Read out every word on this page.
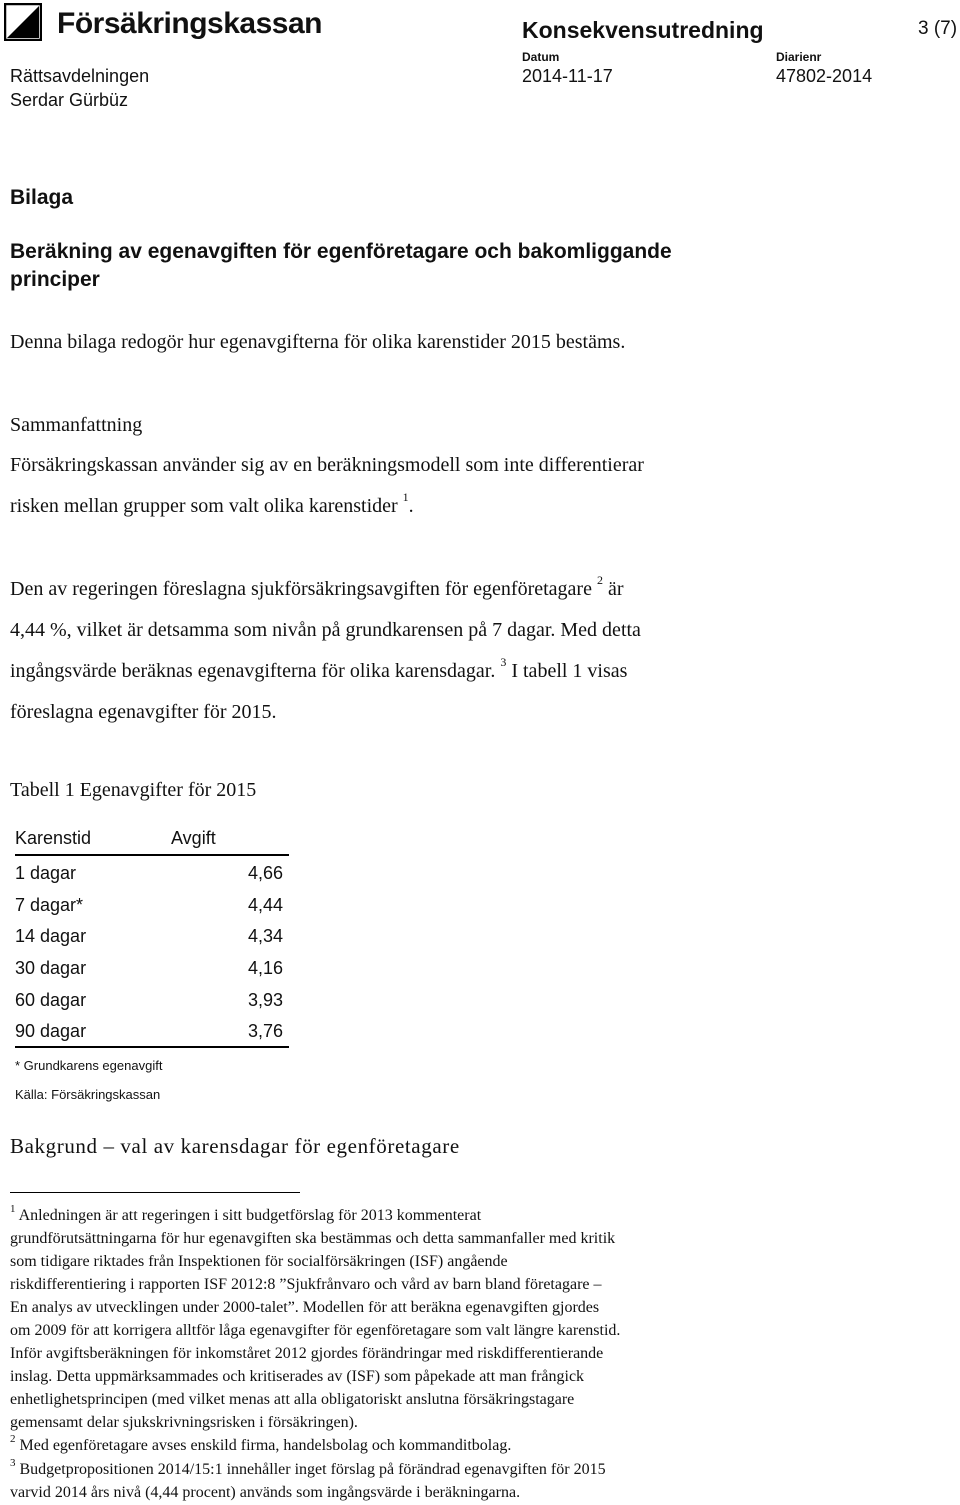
Försäkringskassan	Konsekvensutredning	3 (7)
Datum	Diarienr
Rättsavdelningen	2014-11-17	47802-2014
Serdar Gürbüz
Bilaga
Beräkning av egenavgiften för egenföretagare och bakomliggande
principer
Denna bilaga redogör hur egenavgifterna för olika karenstider 2015 bestäms.
Sammanfattning
Försäkringskassan använder sig av en beräkningsmodell som inte differentierar
risken mellan grupper som valt olika karenstider $^1$.
Den av regeringen föreslagna sjukförsäkringsavgiften för egenföretagare $^2$ är
4,44 %, vilket är detsamma som nivån på grundkarensen på 7 dagar. Med detta
ingångsvärde beräknas egenavgifterna för olika karensdagar. $^3$ I tabell 1 visas
föreslagna egenavgifter för 2015.
Tabell 1 Egenavgifter för 2015
Karenstid	Avgift
1 dagar	4,66
7 dagar*	4,44
14 dagar	4,34
30 dagar	4,16
60 dagar	3,93
90 dagar	3,76
* Grundkarens egenavgift
Källa: Försäkringskassan
Bakgrund – val av karensdagar för egenföretagare
$^1$ Anledningen är att regeringen i sitt budgetförslag för 2013 kommenterat
grundförutsättningarna för hur egenavgiften ska bestämmas och detta sammanfaller med kritik
som tidigare riktades från Inspektionen för socialförsäkringen (ISF) angående
riskdifferentiering i rapporten ISF 2012:8 ”Sjukfrånvaro och vård av barn bland företagare –
En analys av utvecklingen under 2000-talet”. Modellen för att beräkna egenavgiften gjordes
om 2009 för att korrigera alltför låga egenavgifter för egenföretagare som valt längre karenstid.
Inför avgiftsberäkningen för inkomståret 2012 gjordes förändringar med riskdifferentierande
inslag. Detta uppmärksammades och kritiserades av (ISF) som påpekade att man frångick
enhetlighetsprincipen (med vilket menas att alla obligatoriskt anslutna försäkringstagare
gemensamt delar sjukskrivningsrisken i försäkringen).
$^2$ Med egenföretagare avses enskild firma, handelsbolag och kommanditbolag.
$^3$ Budgetpropositionen 2014/15:1 innehåller inget förslag på förändrad egenavgiften för 2015
varvid 2014 års nivå (4,44 procent) används som ingångsvärde i beräkningarna.
